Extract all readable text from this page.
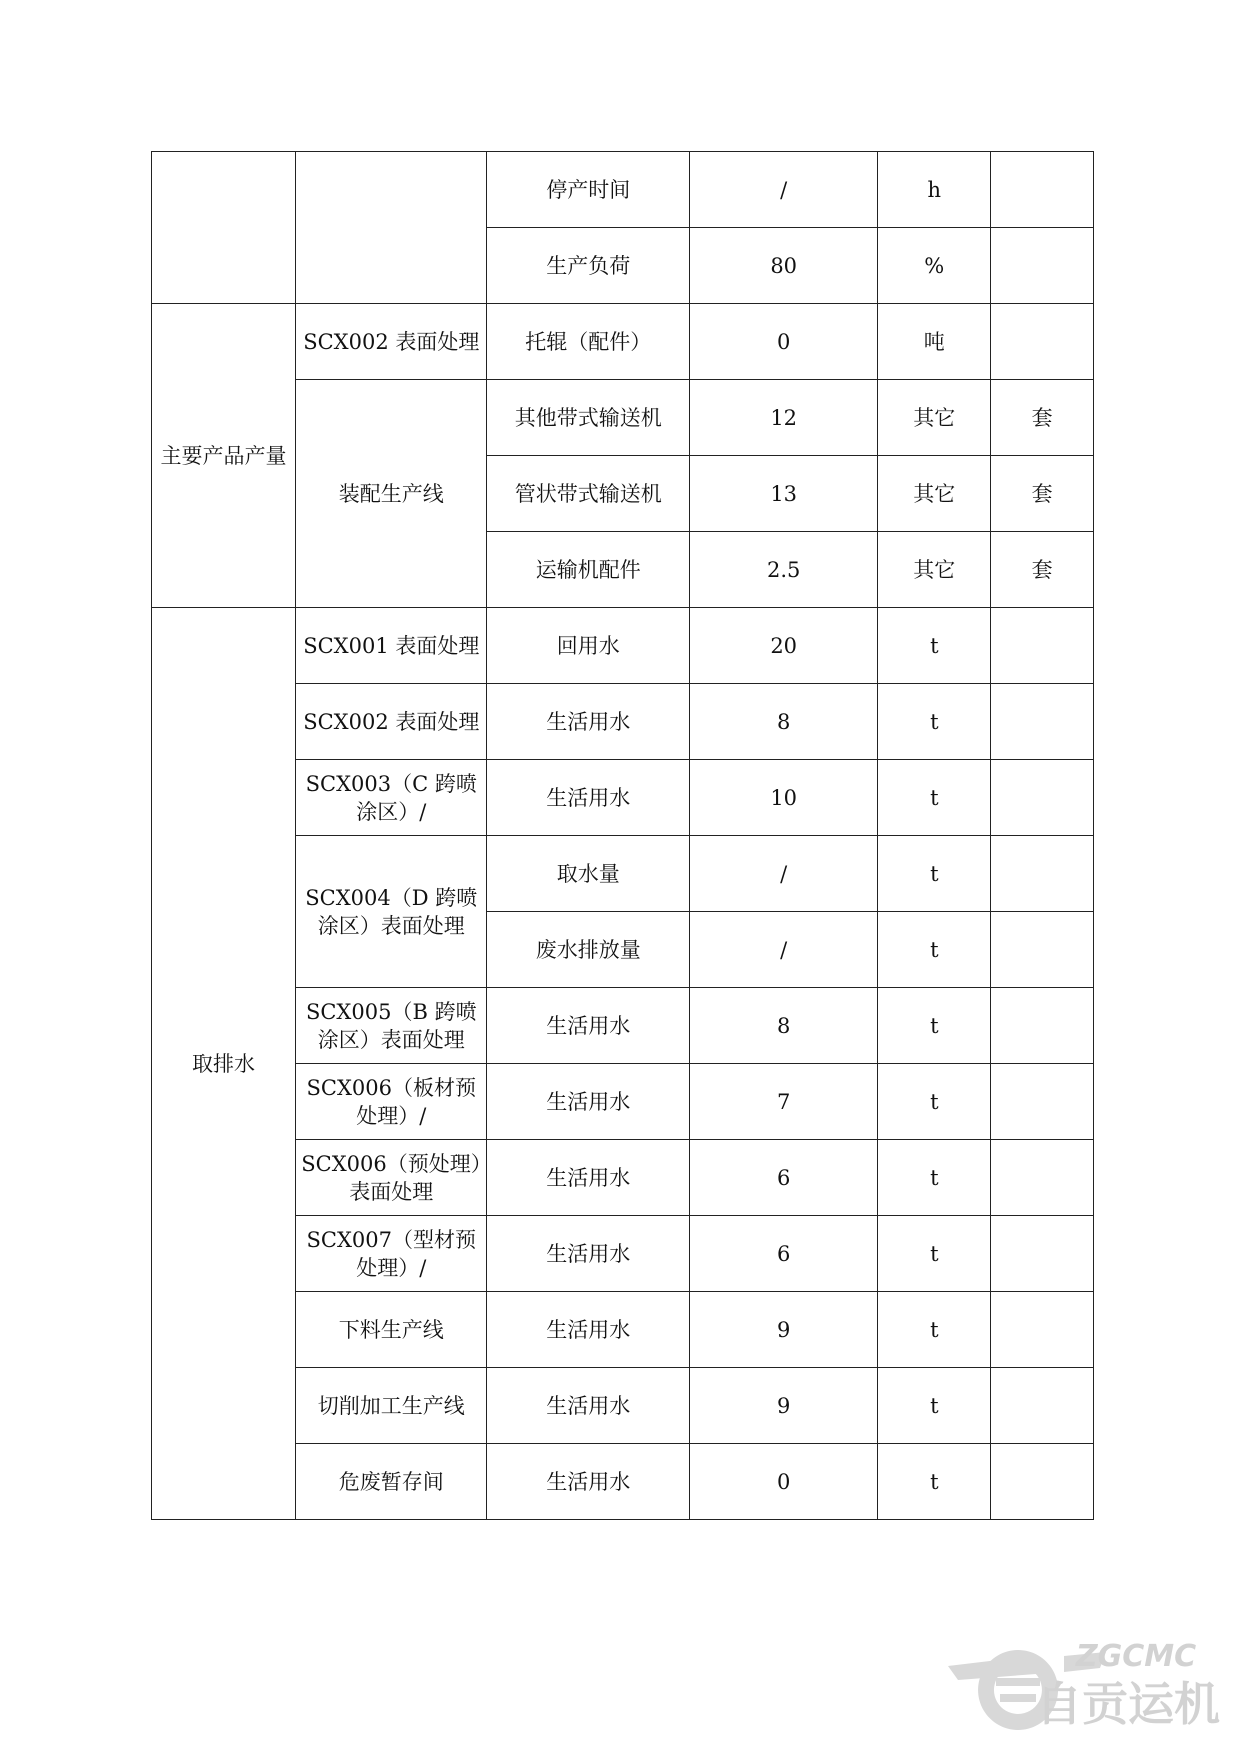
		停产时间	/	h	
		生产负荷	80	%	
主要产品产量	SCX002 表面处理	托辊（配件）	0	吨	
	装配生产线	其他带式输送机	12	其它	套
		管状带式输送机	13	其它	套
		运输机配件	2.5	其它	套
取排水	SCX001 表面处理	回用水	20	t	
	SCX002 表面处理	生活用水	8	t	
	SCX003（C 跨喷涂区）/	生活用水	10	t	
	SCX004（D 跨喷涂区）表面处理	取水量	/	t	
		废水排放量	/	t	
	SCX005（B 跨喷涂区）表面处理	生活用水	8	t	
	SCX006（板材预处理）/	生活用水	7	t	
	SCX006（预处理）表面处理	生活用水	6	t	
	SCX007（型材预处理）/	生活用水	6	t	
	下料生产线	生活用水	9	t	
	切削加工生产线	生活用水	9	t	
	危废暂存间	生活用水	0	t	
ZGCMC
自贡运机
